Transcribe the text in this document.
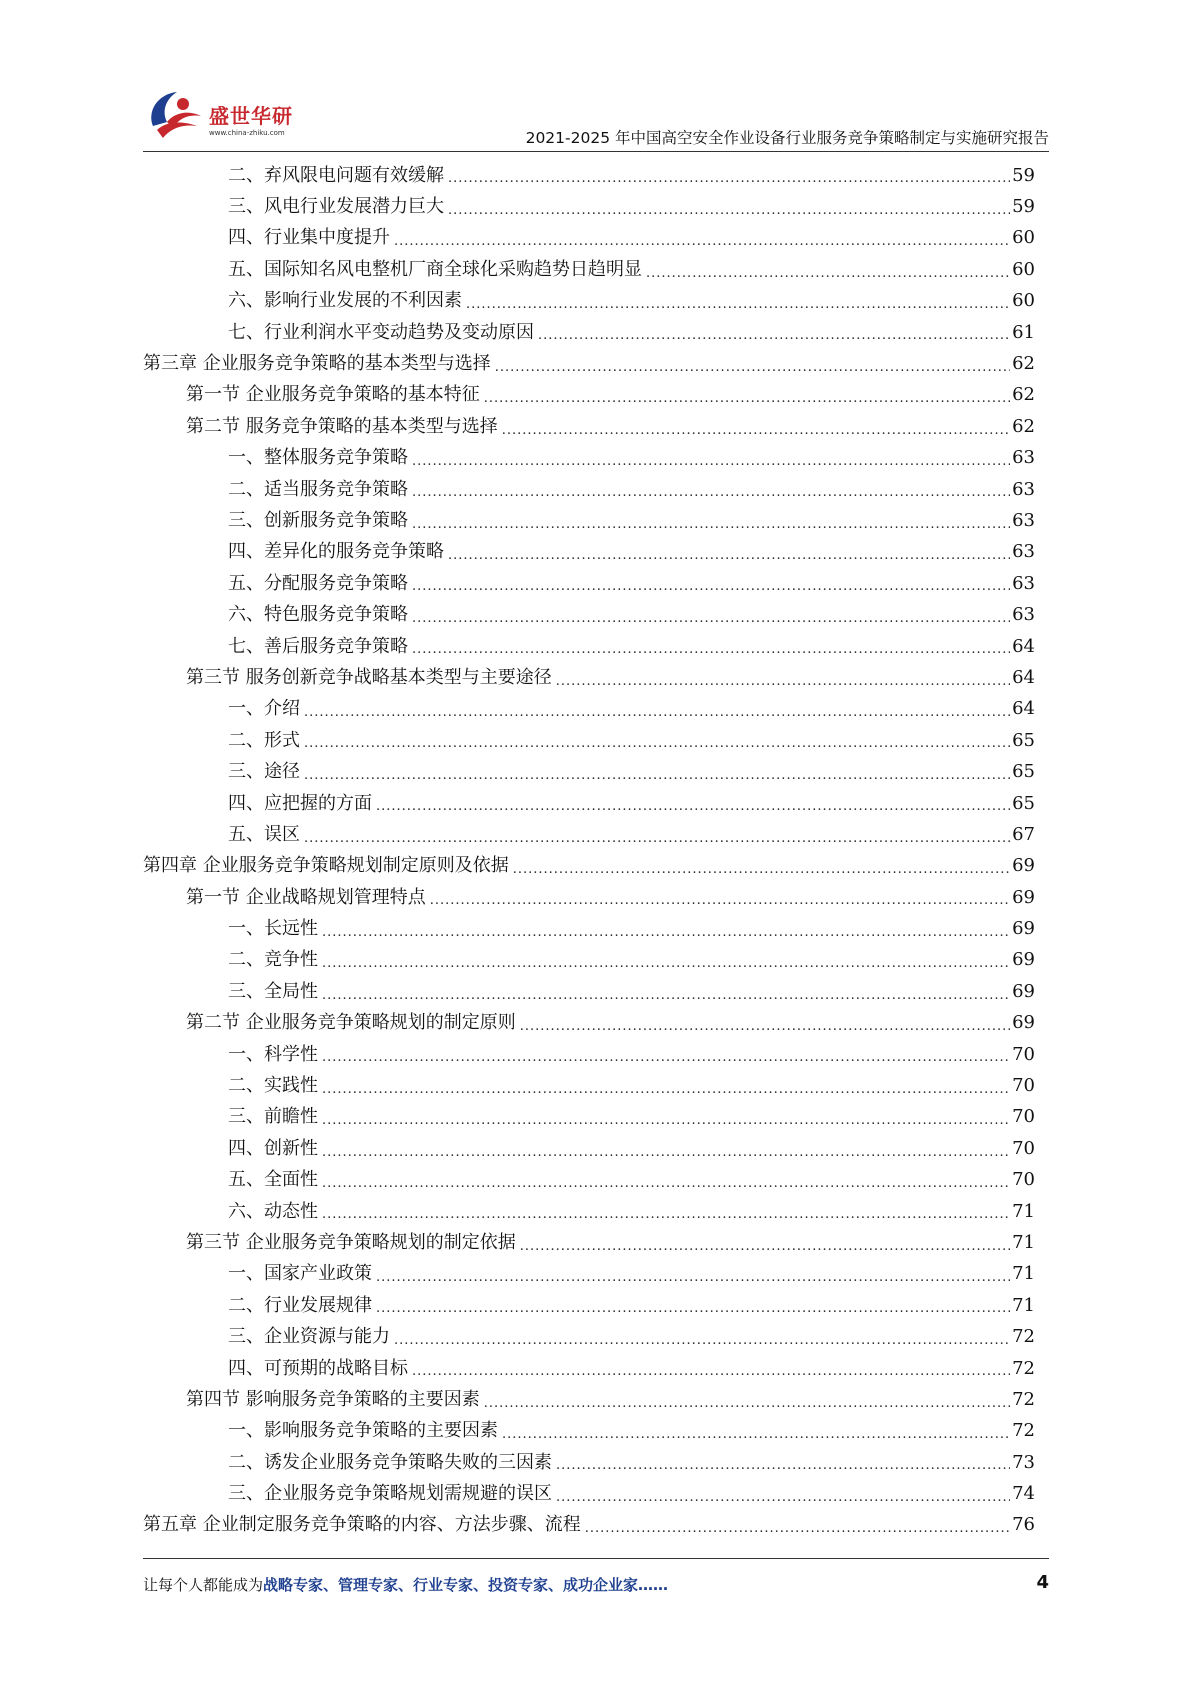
盛世华研
www.china-zhiku.com	2021-2025 年中国高空安全作业设备行业服务竞争策略制定与实施研究报告
二、弃风限电问题有效缓解 .....	59
三、风电行业发展潜力巨大 .....	59
四、行业集中度提升 .....	60
五、国际知名风电整机厂商全球化采购趋势日趋明显 .....	60
六、影响行业发展的不利因素 .....	60
七、行业利润水平变动趋势及变动原因 .....	61
第三章 企业服务竞争策略的基本类型与选择 .....	62
第一节 企业服务竞争策略的基本特征 .....	62
第二节 服务竞争策略的基本类型与选择 .....	62
一、整体服务竞争策略 .....	63
二、适当服务竞争策略 .....	63
三、创新服务竞争策略 .....	63
四、差异化的服务竞争策略 .....	63
五、分配服务竞争策略 .....	63
六、特色服务竞争策略 .....	63
七、善后服务竞争策略 .....	64
第三节 服务创新竞争战略基本类型与主要途径 .....	64
一、介绍 .....	64
二、形式 .....	65
三、途径 .....	65
四、应把握的方面 .....	65
五、误区 .....	67
第四章 企业服务竞争策略规划制定原则及依据 .....	69
第一节 企业战略规划管理特点 .....	69
一、长远性 .....	69
二、竞争性 .....	69
三、全局性 .....	69
第二节 企业服务竞争策略规划的制定原则 .....	69
一、科学性 .....	70
二、实践性 .....	70
三、前瞻性 .....	70
四、创新性 .....	70
五、全面性 .....	70
六、动态性 .....	71
第三节 企业服务竞争策略规划的制定依据 .....	71
一、国家产业政策 .....	71
二、行业发展规律 .....	71
三、企业资源与能力 .....	72
四、可预期的战略目标 .....	72
第四节 影响服务竞争策略的主要因素 .....	72
一、影响服务竞争策略的主要因素 .....	72
二、诱发企业服务竞争策略失败的三因素 .....	73
三、企业服务竞争策略规划需规避的误区 .....	74
第五章 企业制定服务竞争策略的内容、方法步骤、流程 .....	76
让每个人都能成为战略专家、管理专家、行业专家、投资专家、成功企业家……	4
